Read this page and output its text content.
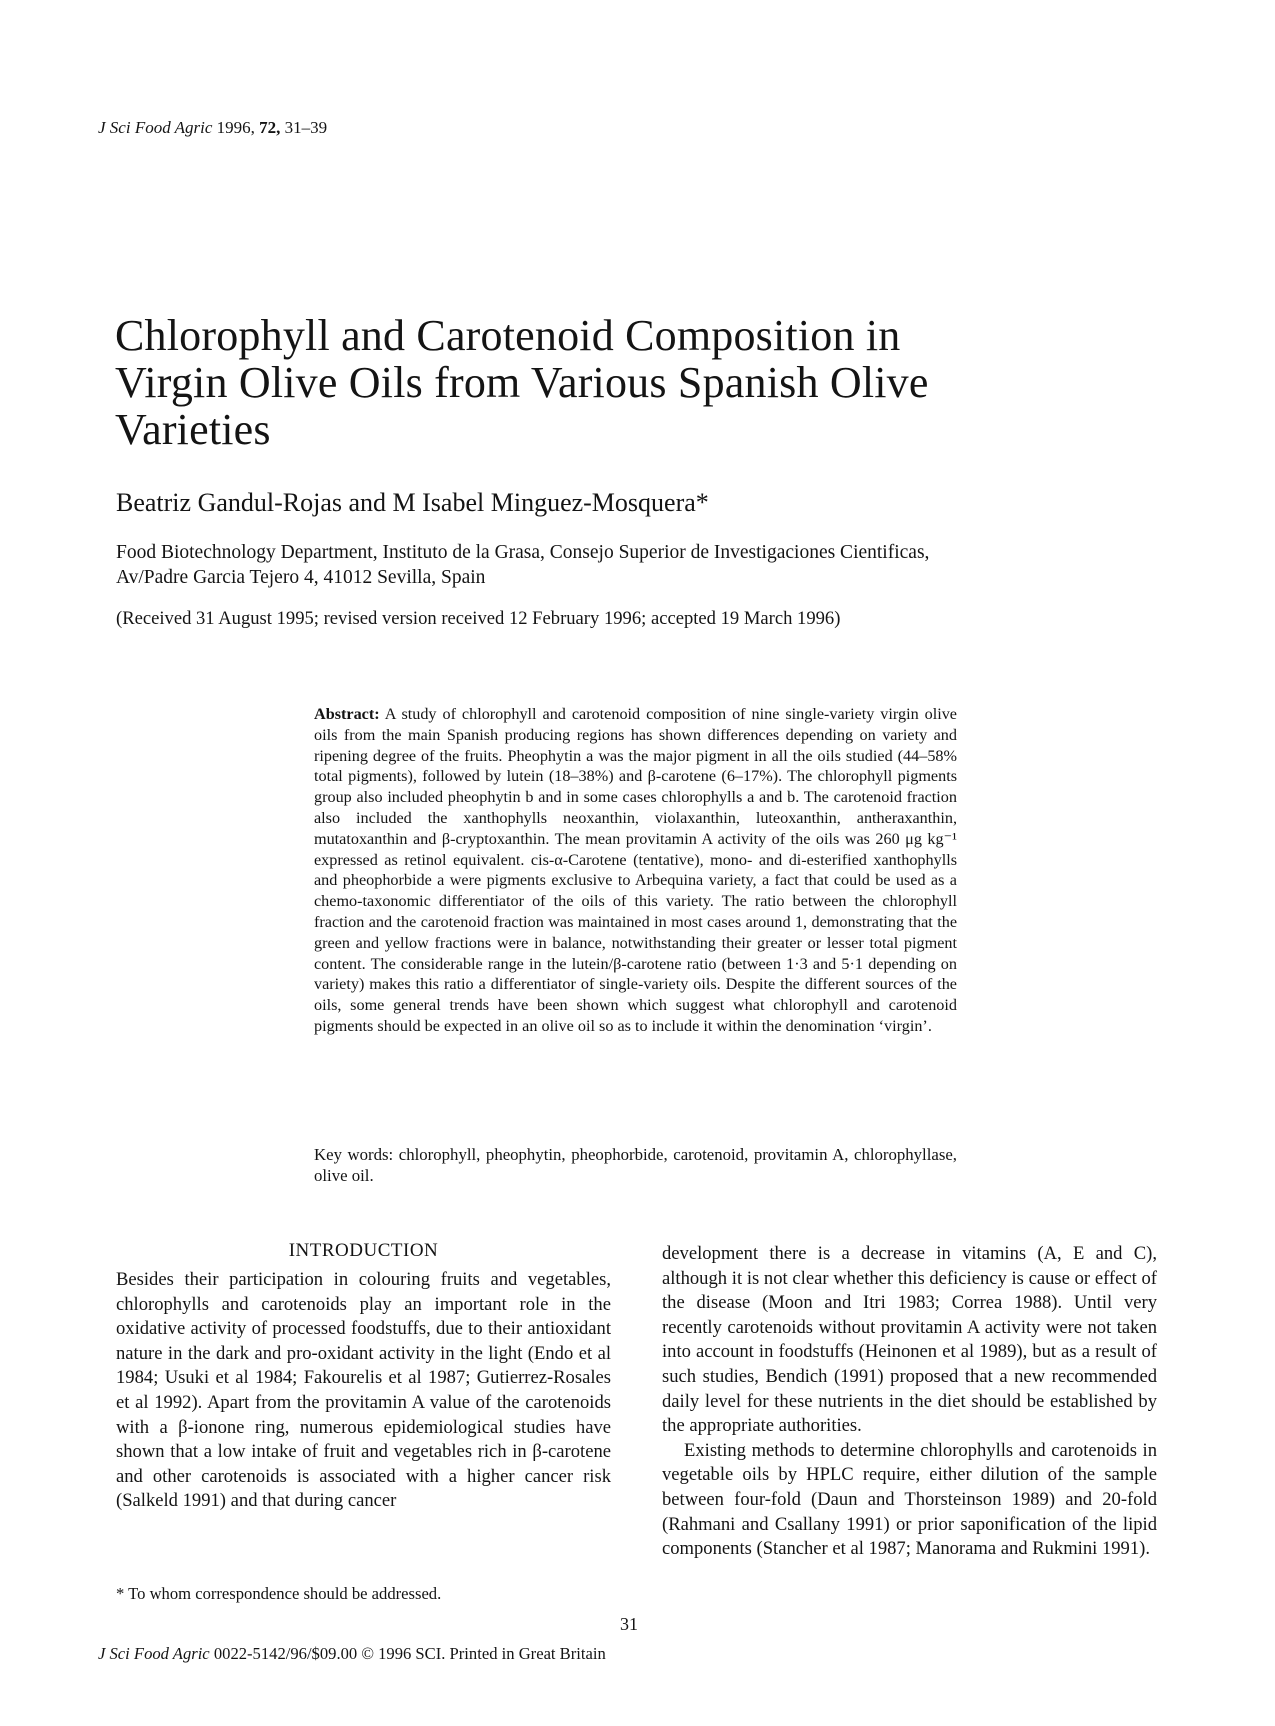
J Sci Food Agric 1996, 72, 31–39
Chlorophyll and Carotenoid Composition in
Virgin Olive Oils from Various Spanish Olive
Varieties
Beatriz Gandul-Rojas and M Isabel Minguez-Mosquera*
Food Biotechnology Department, Instituto de la Grasa, Consejo Superior de Investigaciones Cientificas,
Av/Padre Garcia Tejero 4, 41012 Sevilla, Spain
(Received 31 August 1995; revised version received 12 February 1996; accepted 19 March 1996)
Abstract: A study of chlorophyll and carotenoid composition of nine single-variety virgin olive oils from the main Spanish producing regions has shown differences depending on variety and ripening degree of the fruits. Pheophytin a was the major pigment in all the oils studied (44–58% total pigments), followed by lutein (18–38%) and β-carotene (6–17%). The chlorophyll pigments group also included pheophytin b and in some cases chlorophylls a and b. The carotenoid fraction also included the xanthophylls neoxanthin, violaxanthin, luteoxanthin, antheraxanthin, mutatoxanthin and β-cryptoxanthin. The mean provitamin A activity of the oils was 260 μg kg⁻¹ expressed as retinol equivalent. cis-α-Carotene (tentative), mono- and di-esterified xanthophylls and pheophorbide a were pigments exclusive to Arbequina variety, a fact that could be used as a chemo-taxonomic differentiator of the oils of this variety. The ratio between the chlorophyll fraction and the carotenoid fraction was maintained in most cases around 1, demonstrating that the green and yellow fractions were in balance, notwithstanding their greater or lesser total pigment content. The considerable range in the lutein/β-carotene ratio (between 1·3 and 5·1 depending on variety) makes this ratio a differentiator of single-variety oils. Despite the different sources of the oils, some general trends have been shown which suggest what chlorophyll and carotenoid pigments should be expected in an olive oil so as to include it within the denomination ‘virgin’.
Key words: chlorophyll, pheophytin, pheophorbide, carotenoid, provitamin A, chlorophyllase, olive oil.
INTRODUCTION

Besides their participation in colouring fruits and vegetables, chlorophylls and carotenoids play an important role in the oxidative activity of processed foodstuffs, due to their antioxidant nature in the dark and pro-oxidant activity in the light (Endo et al 1984; Usuki et al 1984; Fakourelis et al 1987; Gutierrez-Rosales et al 1992). Apart from the provitamin A value of the carotenoids with a β-ionone ring, numerous epidemiological studies have shown that a low intake of fruit and vegetables rich in β-carotene and other carotenoids is associated with a higher cancer risk (Salkeld 1991) and that during cancer

development there is a decrease in vitamins (A, E and C), although it is not clear whether this deficiency is cause or effect of the disease (Moon and Itri 1983; Correa 1988). Until very recently carotenoids without provitamin A activity were not taken into account in foodstuffs (Heinonen et al 1989), but as a result of such studies, Bendich (1991) proposed that a new recommended daily level for these nutrients in the diet should be established by the appropriate authorities.

Existing methods to determine chlorophylls and carotenoids in vegetable oils by HPLC require, either dilution of the sample between four-fold (Daun and Thorsteinson 1989) and 20-fold (Rahmani and Csallany 1991) or prior saponification of the lipid components (Stancher et al 1987; Manorama and Rukmini 1991).

* To whom correspondence should be addressed.
31
J Sci Food Agric 0022-5142/96/$09.00 © 1996 SCI. Printed in Great Britain
